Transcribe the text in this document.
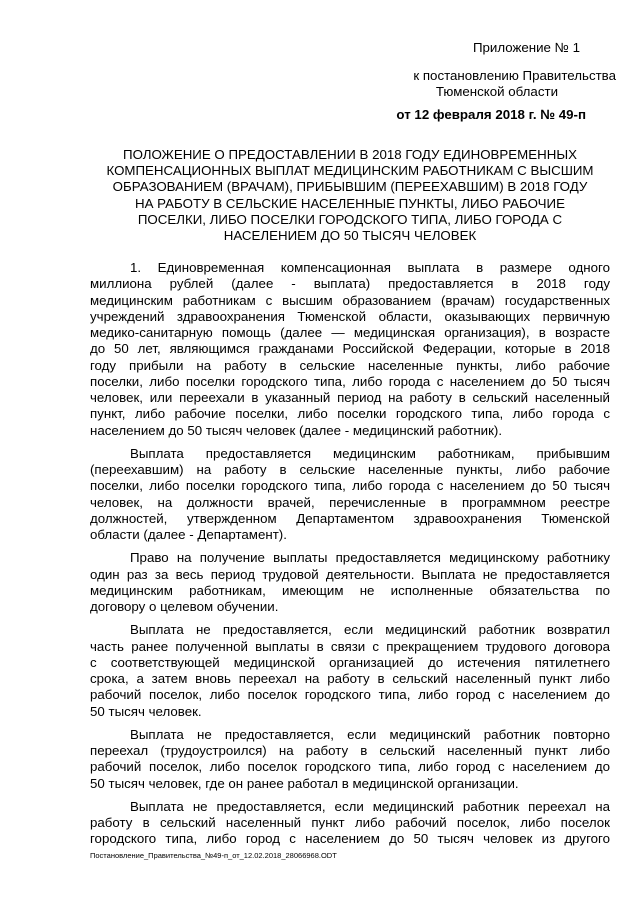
Приложение № 1
к постановлению Правительства
Тюменской области
от 12 февраля 2018 г. № 49-п
ПОЛОЖЕНИЕ О ПРЕДОСТАВЛЕНИИ В 2018 ГОДУ ЕДИНОВРЕМЕННЫХ
КОМПЕНСАЦИОННЫХ ВЫПЛАТ МЕДИЦИНСКИМ РАБОТНИКАМ С ВЫСШИМ
ОБРАЗОВАНИЕМ (ВРАЧАМ), ПРИБЫВШИМ (ПЕРЕЕХАВШИМ) В 2018 ГОДУ
НА РАБОТУ В СЕЛЬСКИЕ НАСЕЛЕННЫЕ ПУНКТЫ, ЛИБО РАБОЧИЕ
ПОСЕЛКИ, ЛИБО ПОСЕЛКИ ГОРОДСКОГО ТИПА, ЛИБО ГОРОДА С
НАСЕЛЕНИЕМ ДО 50 ТЫСЯЧ ЧЕЛОВЕК
1. Единовременная компенсационная выплата в размере одного
миллиона рублей (далее - выплата) предоставляется в 2018 году
медицинским работникам с высшим образованием (врачам) государственных
учреждений здравоохранения Тюменской области, оказывающих первичную
медико-санитарную помощь (далее — медицинская организация), в возрасте
до 50 лет, являющимся гражданами Российской Федерации, которые в 2018
году прибыли на работу в сельские населенные пункты, либо рабочие
поселки, либо поселки городского типа, либо города с населением до 50 тысяч
человек, или переехали в указанный период на работу в сельский населенный
пункт, либо рабочие поселки, либо поселки городского типа, либо города с
населением до 50 тысяч человек (далее - медицинский работник).
Выплата предоставляется медицинским работникам, прибывшим
(переехавшим) на работу в сельские населенные пункты, либо рабочие
поселки, либо поселки городского типа, либо города с населением до 50 тысяч
человек, на должности врачей, перечисленные в программном реестре
должностей, утвержденном Департаментом здравоохранения Тюменской
области (далее - Департамент).
Право на получение выплаты предоставляется медицинскому работнику
один раз за весь период трудовой деятельности. Выплата не предоставляется
медицинским работникам, имеющим не исполненные обязательства по
договору о целевом обучении.
Выплата не предоставляется, если медицинский работник возвратил
часть ранее полученной выплаты в связи с прекращением трудового договора
с соответствующей медицинской организацией до истечения пятилетнего
срока, а затем вновь переехал на работу в сельский населенный пункт либо
рабочий поселок, либо поселок городского типа, либо город с населением до
50 тысяч человек.
Выплата не предоставляется, если медицинский работник повторно
переехал (трудоустроился) на работу в сельский населенный пункт либо
рабочий поселок, либо поселок городского типа, либо город с населением до
50 тысяч человек, где он ранее работал в медицинской организации.
Выплата не предоставляется, если медицинский работник переехал на
работу в сельский населенный пункт либо рабочий поселок, либо поселок
городского типа, либо город с населением до 50 тысяч человек из другого
Постановление_Правительства_№49-п_от_12.02.2018_28066968.ODT
